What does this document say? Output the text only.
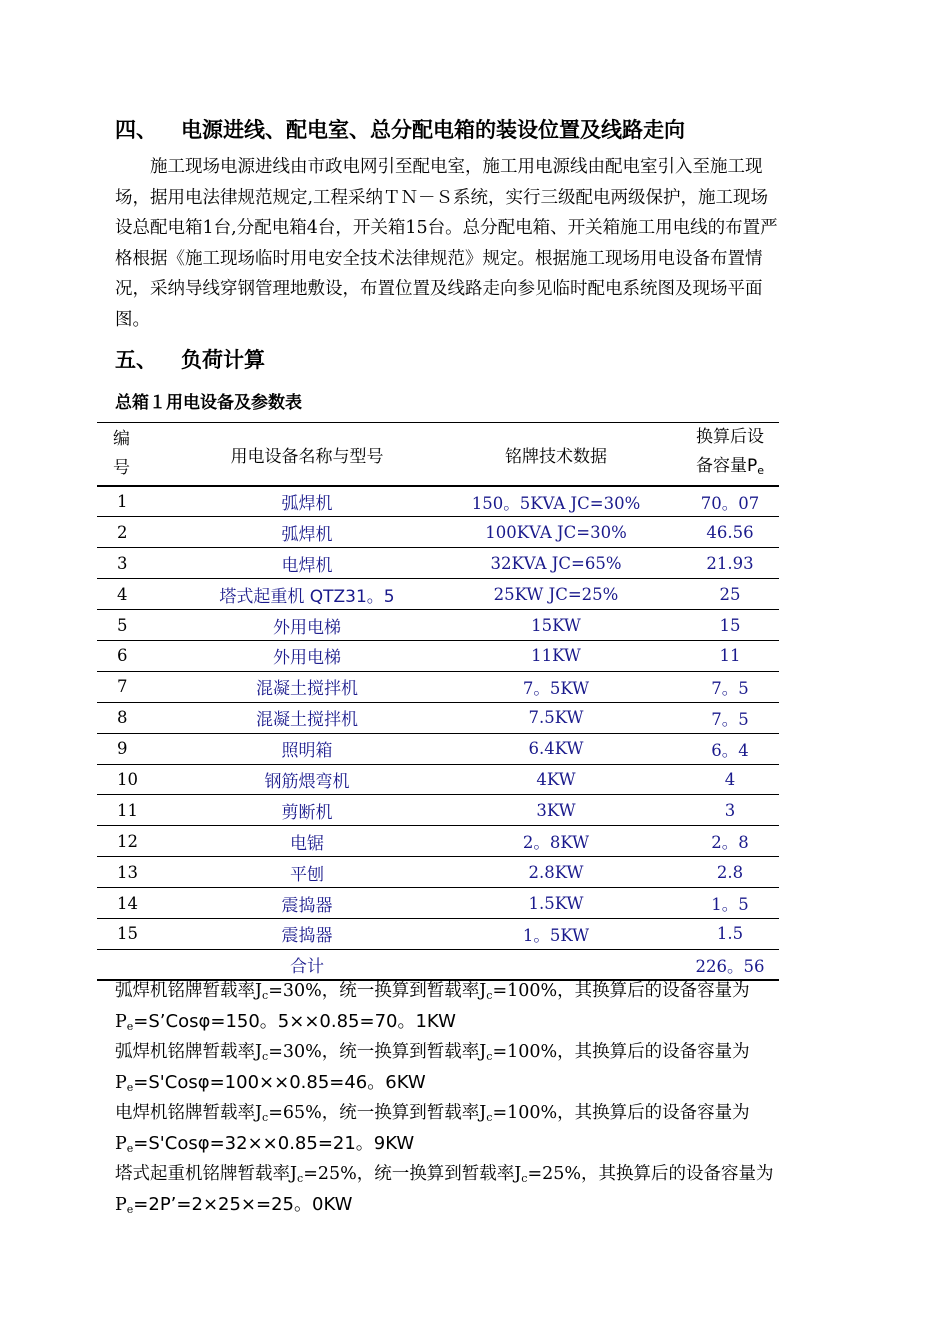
四、 电源进线、配电室、总分配电箱的装设位置及线路走向
施工现场电源进线由市政电网引至配电室，施工用电源线由配电室引入至施工现
场，据用电法律规范规定,工程采纳ＴＮ－Ｓ系统，实行三级配电两级保护，施工现场
设总配电箱1台,分配电箱4台，开关箱15台。总分配电箱、开关箱施工用电线的布置严
格根据《施工现场临时用电安全技术法律规范》规定。根据施工现场用电设备布置情
况，采纳导线穿钢管理地敷设，布置位置及线路走向参见临时配电系统图及现场平面
图。
五、 负荷计算
总箱１用电设备及参数表
编
号	用电设备名称与型号	铭牌技术数据	换算后设
备容量$P_e$
1	弧焊机	150。5KVA JC=30%	70。07
2	弧焊机	100KVA JC=30%	46.56
3	电焊机	32KVA JC=65%	21.93
4	塔式起重机 QTZ31。5	25KW JC=25%	25
5	外用电梯	15KW	15
6	外用电梯	11KW	11
7	混凝土搅拌机	7。5KW	7。5
8	混凝土搅拌机	7.5KW	7。5
9	照明箱	6.4KW	6。4
10	钢筋煨弯机	4KW	4
11	剪断机	3KW	3
12	电锯	2。8KW	2。8
13	平刨	2.8KW	2.8
14	震捣器	1.5KW	1。5
15	震捣器	1。5KW	1.5
	合计		226。56
弧焊机铭牌暂载率$J_c=30\%$，统一换算到暂载率$J_c=100\%$，其换算后的设备容量为
$P_e=S’Cos\varphi=150$。5××0.85=70。1KW
弧焊机铭牌暂载率$J_c=30\%$，统一换算到暂载率$J_c=100\%$，其换算后的设备容量为
$P_e=S'Cos\varphi=100\times\times 0.85=46$。6KW
电焊机铭牌暂载率$J_c=65\%$，统一换算到暂载率$J_c=100\%$，其换算后的设备容量为
$P_e=S'Cos\varphi=32\times\times 0.85=21$。9KW
塔式起重机铭牌暂载率$J_c=25\%$，统一换算到暂载率$J_c=25\%$，其换算后的设备容量为
$P_e=2P’=2\times 25\times=25$。0KW
